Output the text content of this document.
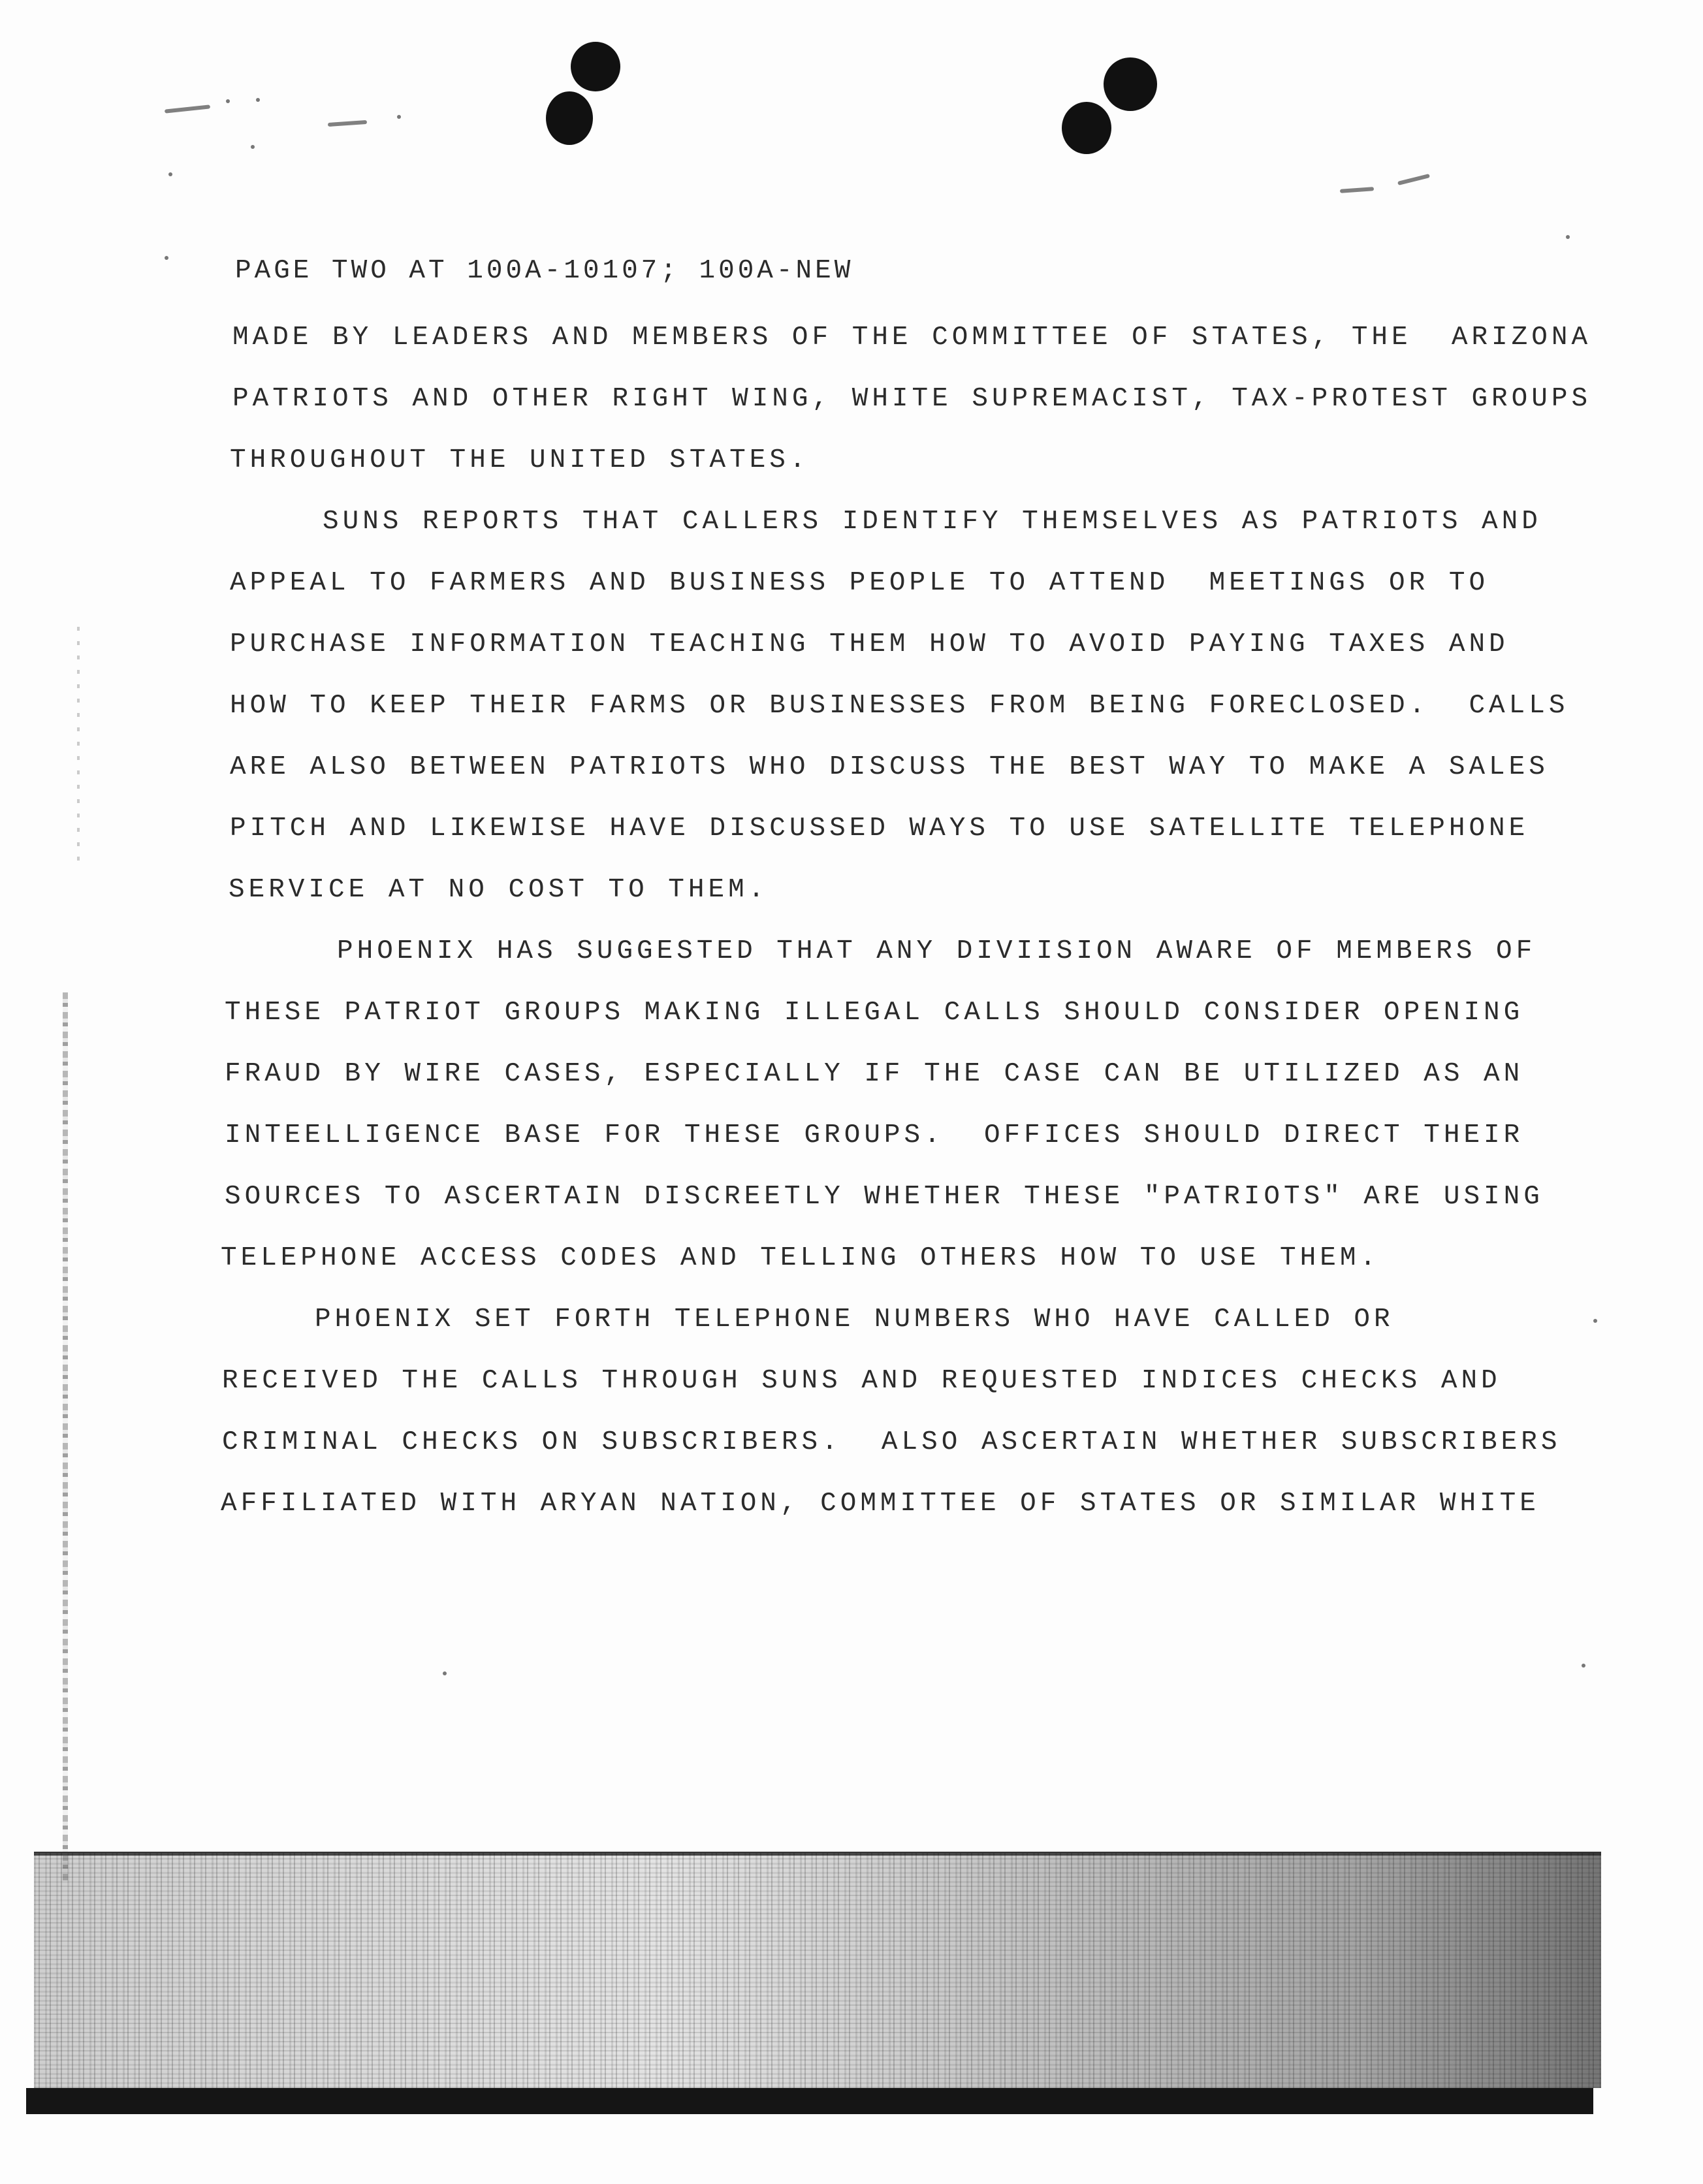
PAGE TWO AT 100A-10107; 100A-NEW
MADE BY LEADERS AND MEMBERS OF THE COMMITTEE OF STATES, THE  ARIZONA
PATRIOTS AND OTHER RIGHT WING, WHITE SUPREMACIST, TAX-PROTEST GROUPS
THROUGHOUT THE UNITED STATES.
SUNS REPORTS THAT CALLERS IDENTIFY THEMSELVES AS PATRIOTS AND
APPEAL TO FARMERS AND BUSINESS PEOPLE TO ATTEND  MEETINGS OR TO
PURCHASE INFORMATION TEACHING THEM HOW TO AVOID PAYING TAXES AND
HOW TO KEEP THEIR FARMS OR BUSINESSES FROM BEING FORECLOSED.  CALLS
ARE ALSO BETWEEN PATRIOTS WHO DISCUSS THE BEST WAY TO MAKE A SALES
PITCH AND LIKEWISE HAVE DISCUSSED WAYS TO USE SATELLITE TELEPHONE
SERVICE AT NO COST TO THEM.
PHOENIX HAS SUGGESTED THAT ANY DIVIISION AWARE OF MEMBERS OF
THESE PATRIOT GROUPS MAKING ILLEGAL CALLS SHOULD CONSIDER OPENING
FRAUD BY WIRE CASES, ESPECIALLY IF THE CASE CAN BE UTILIZED AS AN
INTEELLIGENCE BASE FOR THESE GROUPS.  OFFICES SHOULD DIRECT THEIR
SOURCES TO ASCERTAIN DISCREETLY WHETHER THESE "PATRIOTS" ARE USING
TELEPHONE ACCESS CODES AND TELLING OTHERS HOW TO USE THEM.
PHOENIX SET FORTH TELEPHONE NUMBERS WHO HAVE CALLED OR
RECEIVED THE CALLS THROUGH SUNS AND REQUESTED INDICES CHECKS AND
CRIMINAL CHECKS ON SUBSCRIBERS.  ALSO ASCERTAIN WHETHER SUBSCRIBERS
AFFILIATED WITH ARYAN NATION, COMMITTEE OF STATES OR SIMILAR WHITE
